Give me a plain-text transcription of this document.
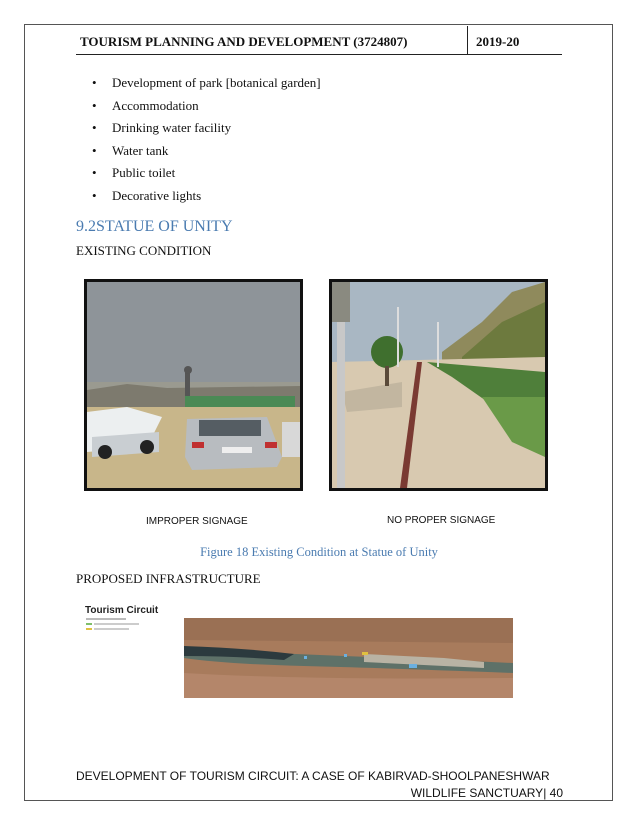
TOURISM PLANNING AND DEVELOPMENT (3724807)	2019-20
• Development of park [botanical garden]
• Accommodation
• Drinking water facility
• Water tank
• Public toilet
• Decorative lights
9.2STATUE OF UNITY
EXISTING CONDITION
IMPROPER SIGNAGE	NO PROPER SIGNAGE
Figure 18 Existing Condition at Statue of Unity
PROPOSED INFRASTRUCTURE
Tourism Circuit
DEVELOPMENT OF TOURISM CIRCUIT: A CASE OF KABIRVAD-SHOOLPANESHWAR
WILDLIFE SANCTUARY| 40
